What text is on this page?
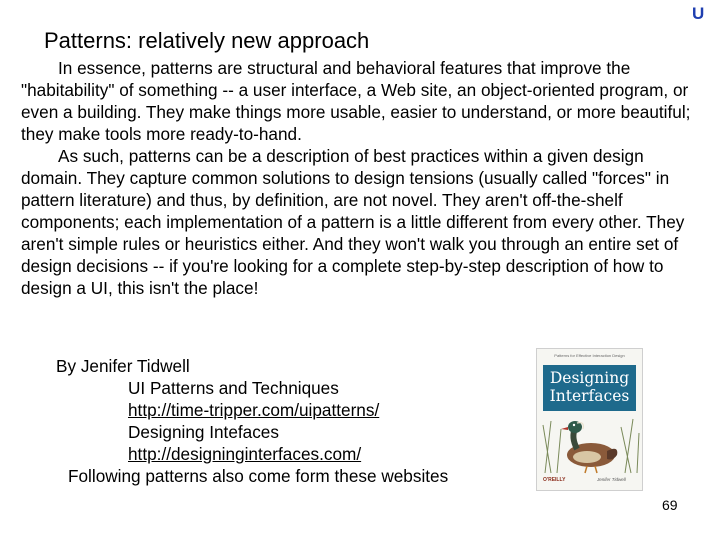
U
Patterns: relatively new approach

In essence, patterns are structural and behavioral features that improve the "habitability" of something -- a user interface, a Web site, an object-oriented program, or even a building. They make things more usable, easier to understand, or more beautiful; they make tools more ready-to-hand.

As such, patterns can be a description of best practices within a given design domain. They capture common solutions to design tensions (usually called "forces" in pattern literature) and thus, by definition, are not novel. They aren't off-the-shelf components; each implementation of a pattern is a little different from every other. They aren't simple rules or heuristics either. And they won't walk you through an entire set of design decisions -- if you're looking for a complete step-by-step description of how to design a UI, this isn't the place!

By Jenifer Tidwell
UI Patterns and Techniques
http://time-tripper.com/uipatterns/
Designing Intefaces
http://designinginterfaces.com/
Following patterns also come form these websites
Patterns for Effective Interaction Design
Designing
Interfaces
O'REILLY	Jenifer Tidwell
69
